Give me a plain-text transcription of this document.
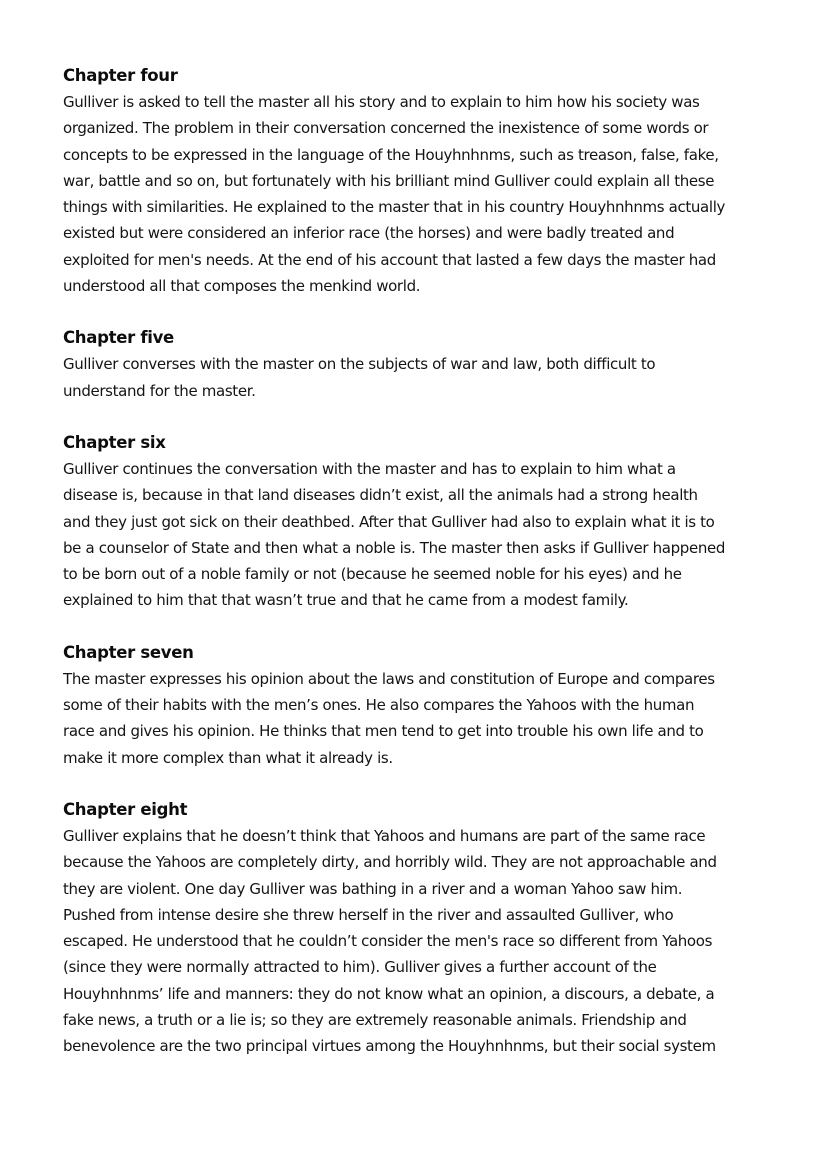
Chapter four
Gulliver is asked to tell the master all his story and to explain to him how his society was
organized. The problem in their conversation concerned the inexistence of some words or
concepts to be expressed in the language of the Houyhnhnms, such as treason, false, fake,
war, battle and so on, but fortunately with his brilliant mind Gulliver could explain all these
things with similarities. He explained to the master that in his country Houyhnhnms actually
existed but were considered an inferior race (the horses) and were badly treated and
exploited for men's needs. At the end of his account that lasted a few days the master had
understood all that composes the menkind world.
Chapter five
Gulliver converses with the master on the subjects of war and law, both difficult to
understand for the master.
Chapter six
Gulliver continues the conversation with the master and has to explain to him what a
disease is, because in that land diseases didn’t exist, all the animals had a strong health
and they just got sick on their deathbed. After that Gulliver had also to explain what it is to
be a counselor of State and then what a noble is. The master then asks if Gulliver happened
to be born out of a noble family or not (because he seemed noble for his eyes) and he
explained to him that that wasn’t true and that he came from a modest family.
Chapter seven
The master expresses his opinion about the laws and constitution of Europe and compares
some of their habits with the men’s ones. He also compares the Yahoos with the human
race and gives his opinion. He thinks that men tend to get into trouble his own life and to
make it more complex than what it already is.
Chapter eight
Gulliver explains that he doesn’t think that Yahoos and humans are part of the same race
because the Yahoos are completely dirty, and horribly wild. They are not approachable and
they are violent. One day Gulliver was bathing in a river and a woman Yahoo saw him.
Pushed from intense desire she threw herself in the river and assaulted Gulliver, who
escaped. He understood that he couldn’t consider the men's race so different from Yahoos
(since they were normally attracted to him). Gulliver gives a further account of the
Houyhnhnms’ life and manners: they do not know what an opinion, a discours, a debate, a
fake news, a truth or a lie is; so they are extremely reasonable animals. Friendship and
benevolence are the two principal virtues among the Houyhnhnms, but their social system
